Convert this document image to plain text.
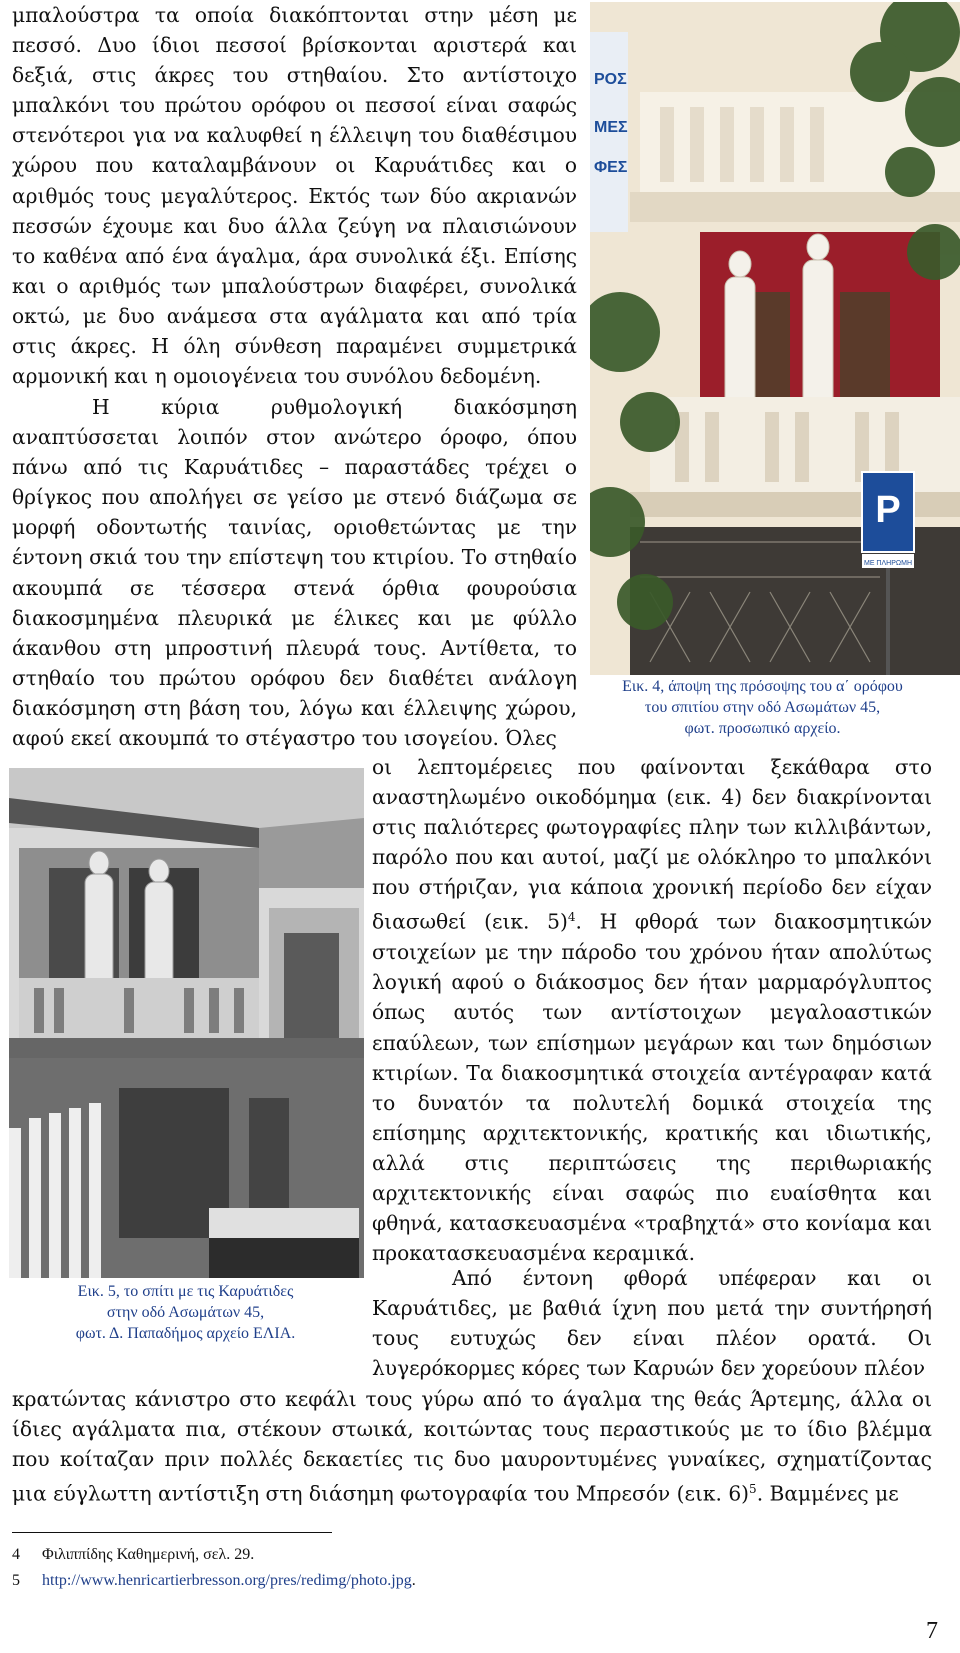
μπαλούστρα τα οποία διακόπτονται στην μέση με πεσσό. Δυο ίδιοι πεσσοί βρίσκονται αριστερά και δεξιά, στις άκρες του στηθαίου. Στο αντίστοιχο μπαλκόνι του πρώτου ορόφου οι πεσσοί είναι σαφώς στενότεροι για να καλυφθεί η έλλειψη του διαθέσιμου χώρου που καταλαμβάνουν οι Καρυάτιδες και ο αριθμός τους μεγαλύτερος. Εκτός των δύο ακριανών πεσσών έχουμε και δυο άλλα ζεύγη να πλαισιώνουν το καθένα από ένα άγαλμα, άρα συνολικά έξι. Επίσης και ο αριθμός των μπαλούστρων διαφέρει, συνολικά οκτώ, με δυο ανάμεσα στα αγάλματα και από τρία στις άκρες. Η όλη σύνθεση παραμένει συμμετρικά αρμονική και η ομοιογένεια του συνόλου δεδομένη.

Η κύρια ρυθμολογική διακόσμηση αναπτύσσεται λοιπόν στον ανώτερο όροφο, όπου πάνω από τις Καρυάτιδες – παραστάδες τρέχει ο θρίγκος που απολήγει σε γείσο με στενό διάζωμα σε μορφή οδοντωτής ταινίας, οριοθετώντας με την έντονη σκιά του την επίστεψη του κτιρίου. Το στηθαίο ακουμπά σε τέσσερα στενά όρθια φουρούσια διακοσμημένα πλευρικά με έλικες και με φύλλο άκανθου στη μπροστινή πλευρά τους. Αντίθετα, το στηθαίο του πρώτου ορόφου δεν διαθέτει ανάλογη διακόσμηση στη βάση του, λόγω και έλλειψης χώρου, αφού εκεί ακουμπά το στέγαστρο του ισογείου. Όλες

οι λεπτομέρειες που φαίνονται ξεκάθαρα στο αναστηλωμένο οικοδόμημα (εικ. 4) δεν διακρίνονται στις παλιότερες φωτογραφίες πλην των κιλλιβάντων, παρόλο που και αυτοί, μαζί με ολόκληρο το μπαλκόνι που στήριζαν, για κάποια χρονική περίοδο δεν είχαν διασωθεί (εικ. 5)$^4$. Η φθορά των διακοσμητικών στοιχείων με την πάροδο του χρόνου ήταν απολύτως λογική αφού ο διάκοσμος δεν ήταν μαρμαρόγλυπτος όπως αυτός των αντίστοιχων μεγαλοαστικών επαύλεων, των επίσημων μεγάρων και των δημόσιων κτιρίων. Τα διακοσμητικά στοιχεία αντέγραφαν κατά το δυνατόν τα πολυτελή δομικά στοιχεία της επίσημης αρχιτεκτονικής, κρατικής και ιδιωτικής, αλλά στις περιπτώσεις της περιθωριακής αρχιτεκτονικής είναι σαφώς πιο ευαίσθητα και φθηνά, κατασκευασμένα «τραβηχτά» στο κονίαμα και προκατασκευασμένα κεραμικά.

Από έντονη φθορά υπέφεραν και οι Καρυάτιδες, με βαθιά ίχνη που μετά την συντήρησή τους ευτυχώς δεν είναι πλέον ορατά. Οι λυγερόκορμες κόρες των Καρυών δεν χορεύουν πλέον

κρατώντας κάνιστρο στο κεφάλι τους γύρω από το άγαλμα της θεάς Άρτεμης, άλλα οι ίδιες αγάλματα πια, στέκουν στωικά, κοιτώντας τους περαστικούς με το ίδιο βλέμμα που κοίταζαν πριν πολλές δεκαετίες τις δυο μαυροντυμένες γυναίκες, σχηματίζοντας μια εύγλωττη αντίστιξη στη διάσημη φωτογραφία του Μπρεσόν (εικ. 6)$^5$. Βαμμένες με

ΡΟΣ
ΜΕΣ
ΦΕΣ
P
ΜΕ ΠΛΗΡΩΜΗ

Εικ. 4, άποψη της πρόσοψης του α΄ ορόφου
του σπιτίου στην οδό Ασωμάτων 45,
φωτ. προσωπικό αρχείο.

Εικ. 5, το σπίτι με τις Καρυάτιδες
στην οδό Ασωμάτων 45,
φωτ. Δ. Παπαδήμος αρχείο ΕΛΙΑ.

4 Φιλιππίδης Καθημερινή, σελ. 29.
5 http://www.henricartierbresson.org/pres/redimg/photo.jpg.
7
